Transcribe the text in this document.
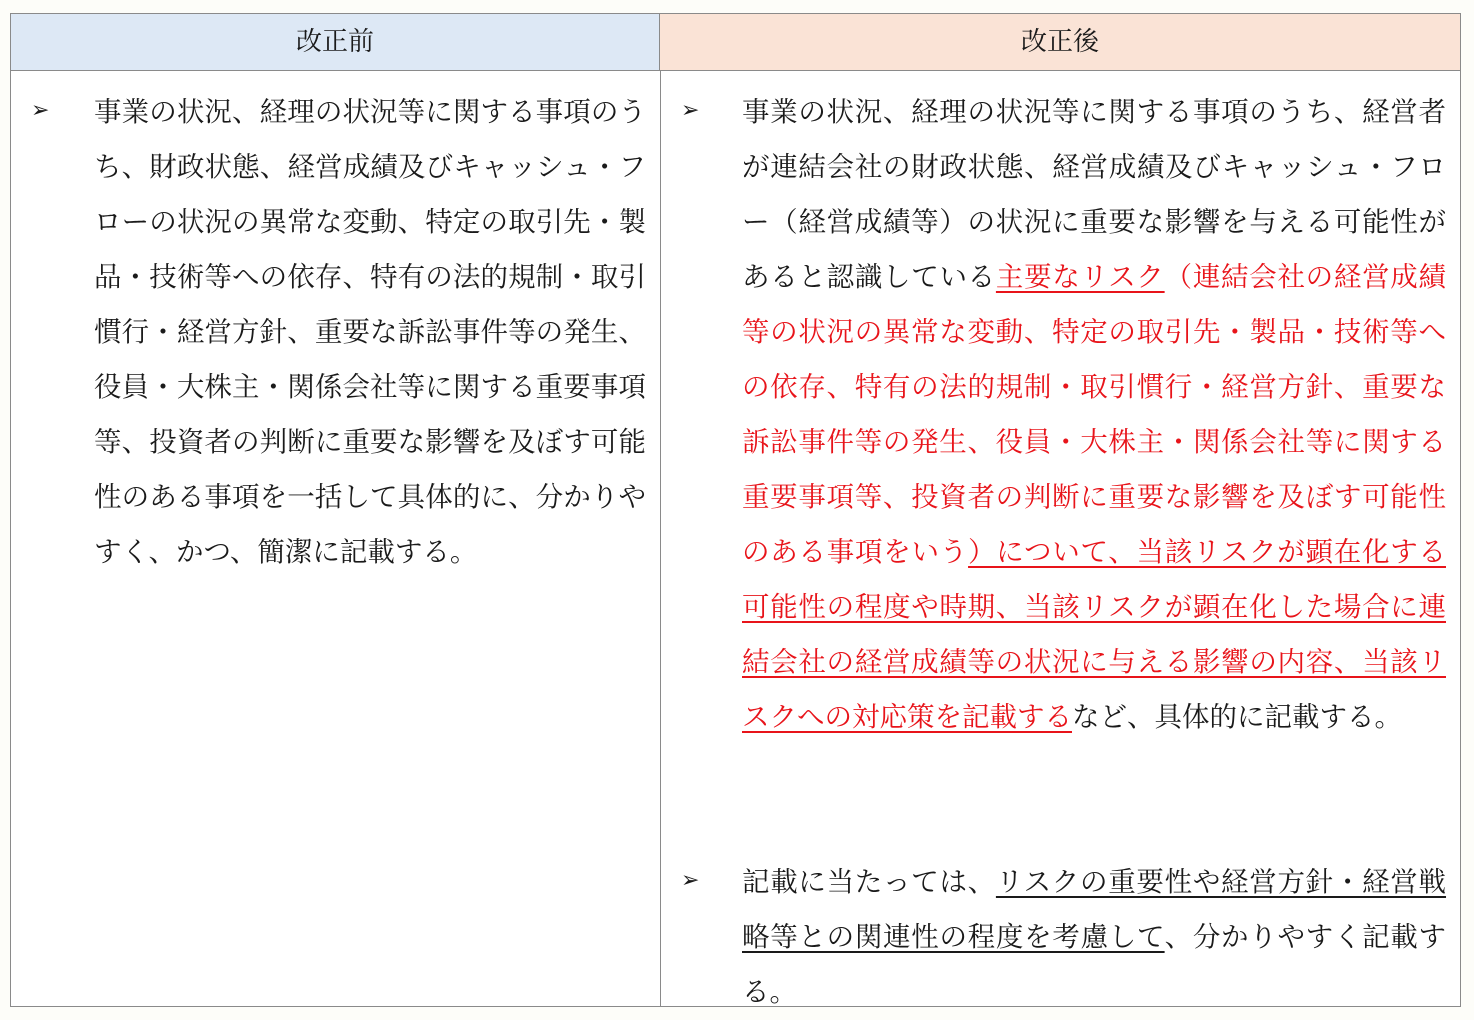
改正前	改正後
➢ 事業の状況、経理の状況等に関する事項のうち、財政状態、経営成績及びキャッシュ・フローの状況の異常な変動、特定の取引先・製品・技術等への依存、特有の法的規制・取引慣行・経営方針、重要な訴訟事件等の発生、役員・大株主・関係会社等に関する重要事項等、投資者の判断に重要な影響を及ぼす可能性のある事項を一括して具体的に、分かりやすく、かつ、簡潔に記載する。
➢ 事業の状況、経理の状況等に関する事項のうち、経営者が連結会社の財政状態、経営成績及びキャッシュ・フロー（経営成績等）の状況に重要な影響を与える可能性があると認識している主要なリスク（連結会社の経営成績等の状況の異常な変動、特定の取引先・製品・技術等への依存、特有の法的規制・取引慣行・経営方針、重要な訴訟事件等の発生、役員・大株主・関係会社等に関する重要事項等、投資者の判断に重要な影響を及ぼす可能性のある事項をいう）について、当該リスクが顕在化する可能性の程度や時期、当該リスクが顕在化した場合に連結会社の経営成績等の状況に与える影響の内容、当該リスクへの対応策を記載するなど、具体的に記載する。
➢ 記載に当たっては、リスクの重要性や経営方針・経営戦略等との関連性の程度を考慮して、分かりやすく記載する。
